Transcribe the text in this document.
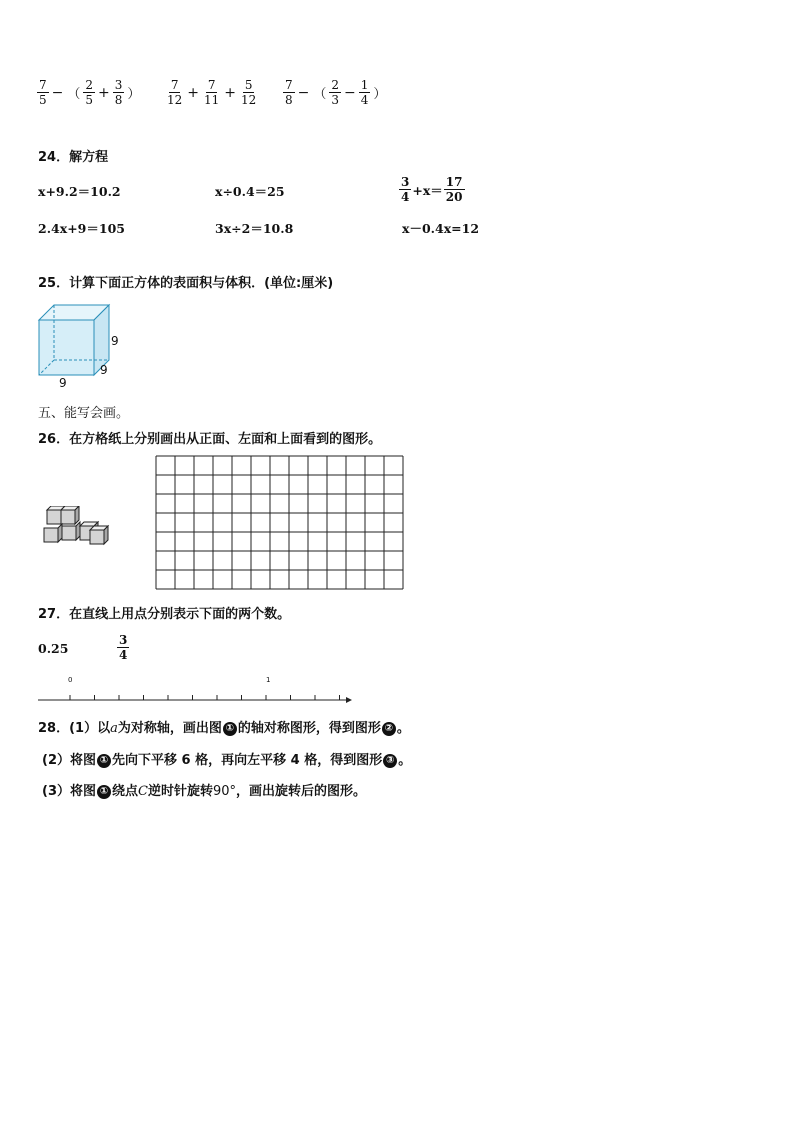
$\frac{7}{5}$ − （ $\frac{2}{5} + \frac{3}{8}$ ） $\frac{7}{12} + \frac{7}{11} + \frac{5}{12} \frac{7}{8}$ − （ $\frac{2}{3} - \frac{1}{4}$ ）
24．解方程
x+9.2＝10.2	x÷0.4＝25	$\frac{3}{4} +x= \frac{17}{20}$
2.4x+9＝105	3x÷2＝10.8	x－0.4x=12
25．计算下面正方体的表面积与体积．(单位:厘米)
9
9
9
五、能写会画。
26．在方格纸上分别画出从正面、左面和上面看到的图形。
27．在直线上用点分别表示下面的两个数。
0.25	$\frac{3}{4}$
0	1
28．(1）以a为对称轴，画出图 ① 的轴对称图形，得到图形 ② 。
(2）将图 ① 先向下平移 6 格，再向左平移 4 格，得到图形 ③ 。
(3）将图 ① 绕点C逆时针旋转90°，画出旋转后的图形。
